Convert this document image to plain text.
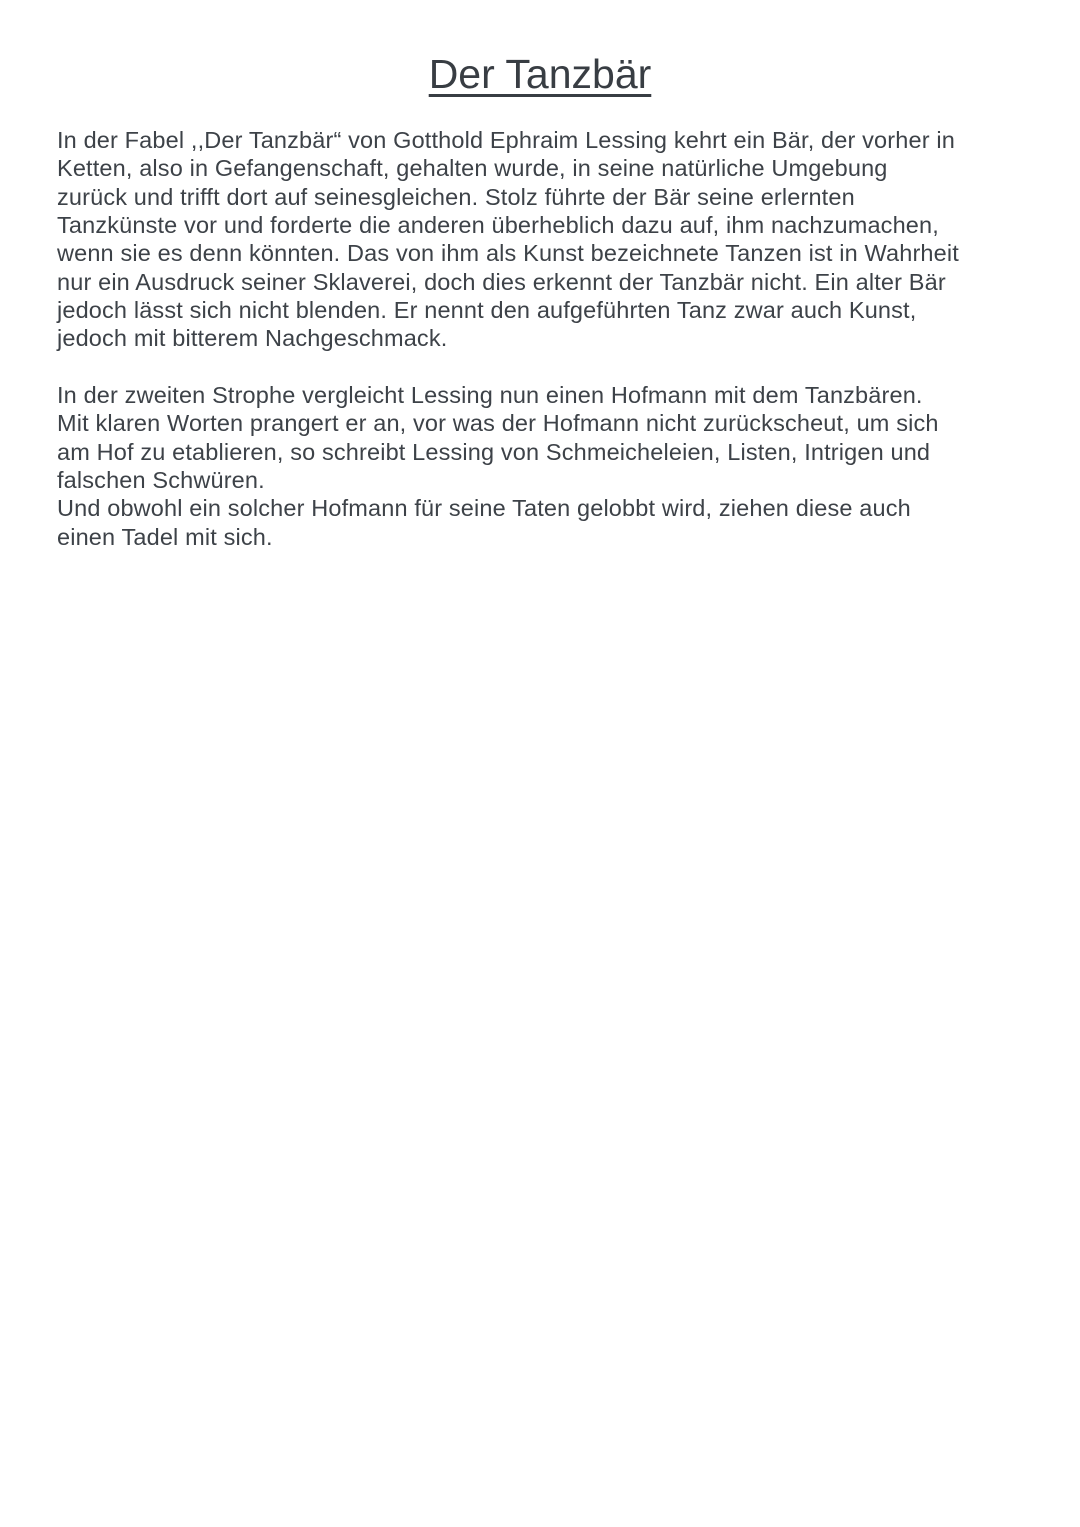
Der Tanzbär
In der Fabel ,,Der Tanzbär“ von Gotthold Ephraim Lessing kehrt ein Bär, der vorher in
Ketten, also in Gefangenschaft, gehalten wurde, in seine natürliche Umgebung
zurück und trifft dort auf seinesgleichen. Stolz führte der Bär seine erlernten
Tanzkünste vor und forderte die anderen überheblich dazu auf, ihm nachzumachen,
wenn sie es denn könnten. Das von ihm als Kunst bezeichnete Tanzen ist in Wahrheit
nur ein Ausdruck seiner Sklaverei, doch dies erkennt der Tanzbär nicht. Ein alter Bär
jedoch lässt sich nicht blenden. Er nennt den aufgeführten Tanz zwar auch Kunst,
jedoch mit bitterem Nachgeschmack.
In der zweiten Strophe vergleicht Lessing nun einen Hofmann mit dem Tanzbären.
Mit klaren Worten prangert er an, vor was der Hofmann nicht zurückscheut, um sich
am Hof zu etablieren, so schreibt Lessing von Schmeicheleien, Listen, Intrigen und
falschen Schwüren.
Und obwohl ein solcher Hofmann für seine Taten gelobbt wird, ziehen diese auch
einen Tadel mit sich.
